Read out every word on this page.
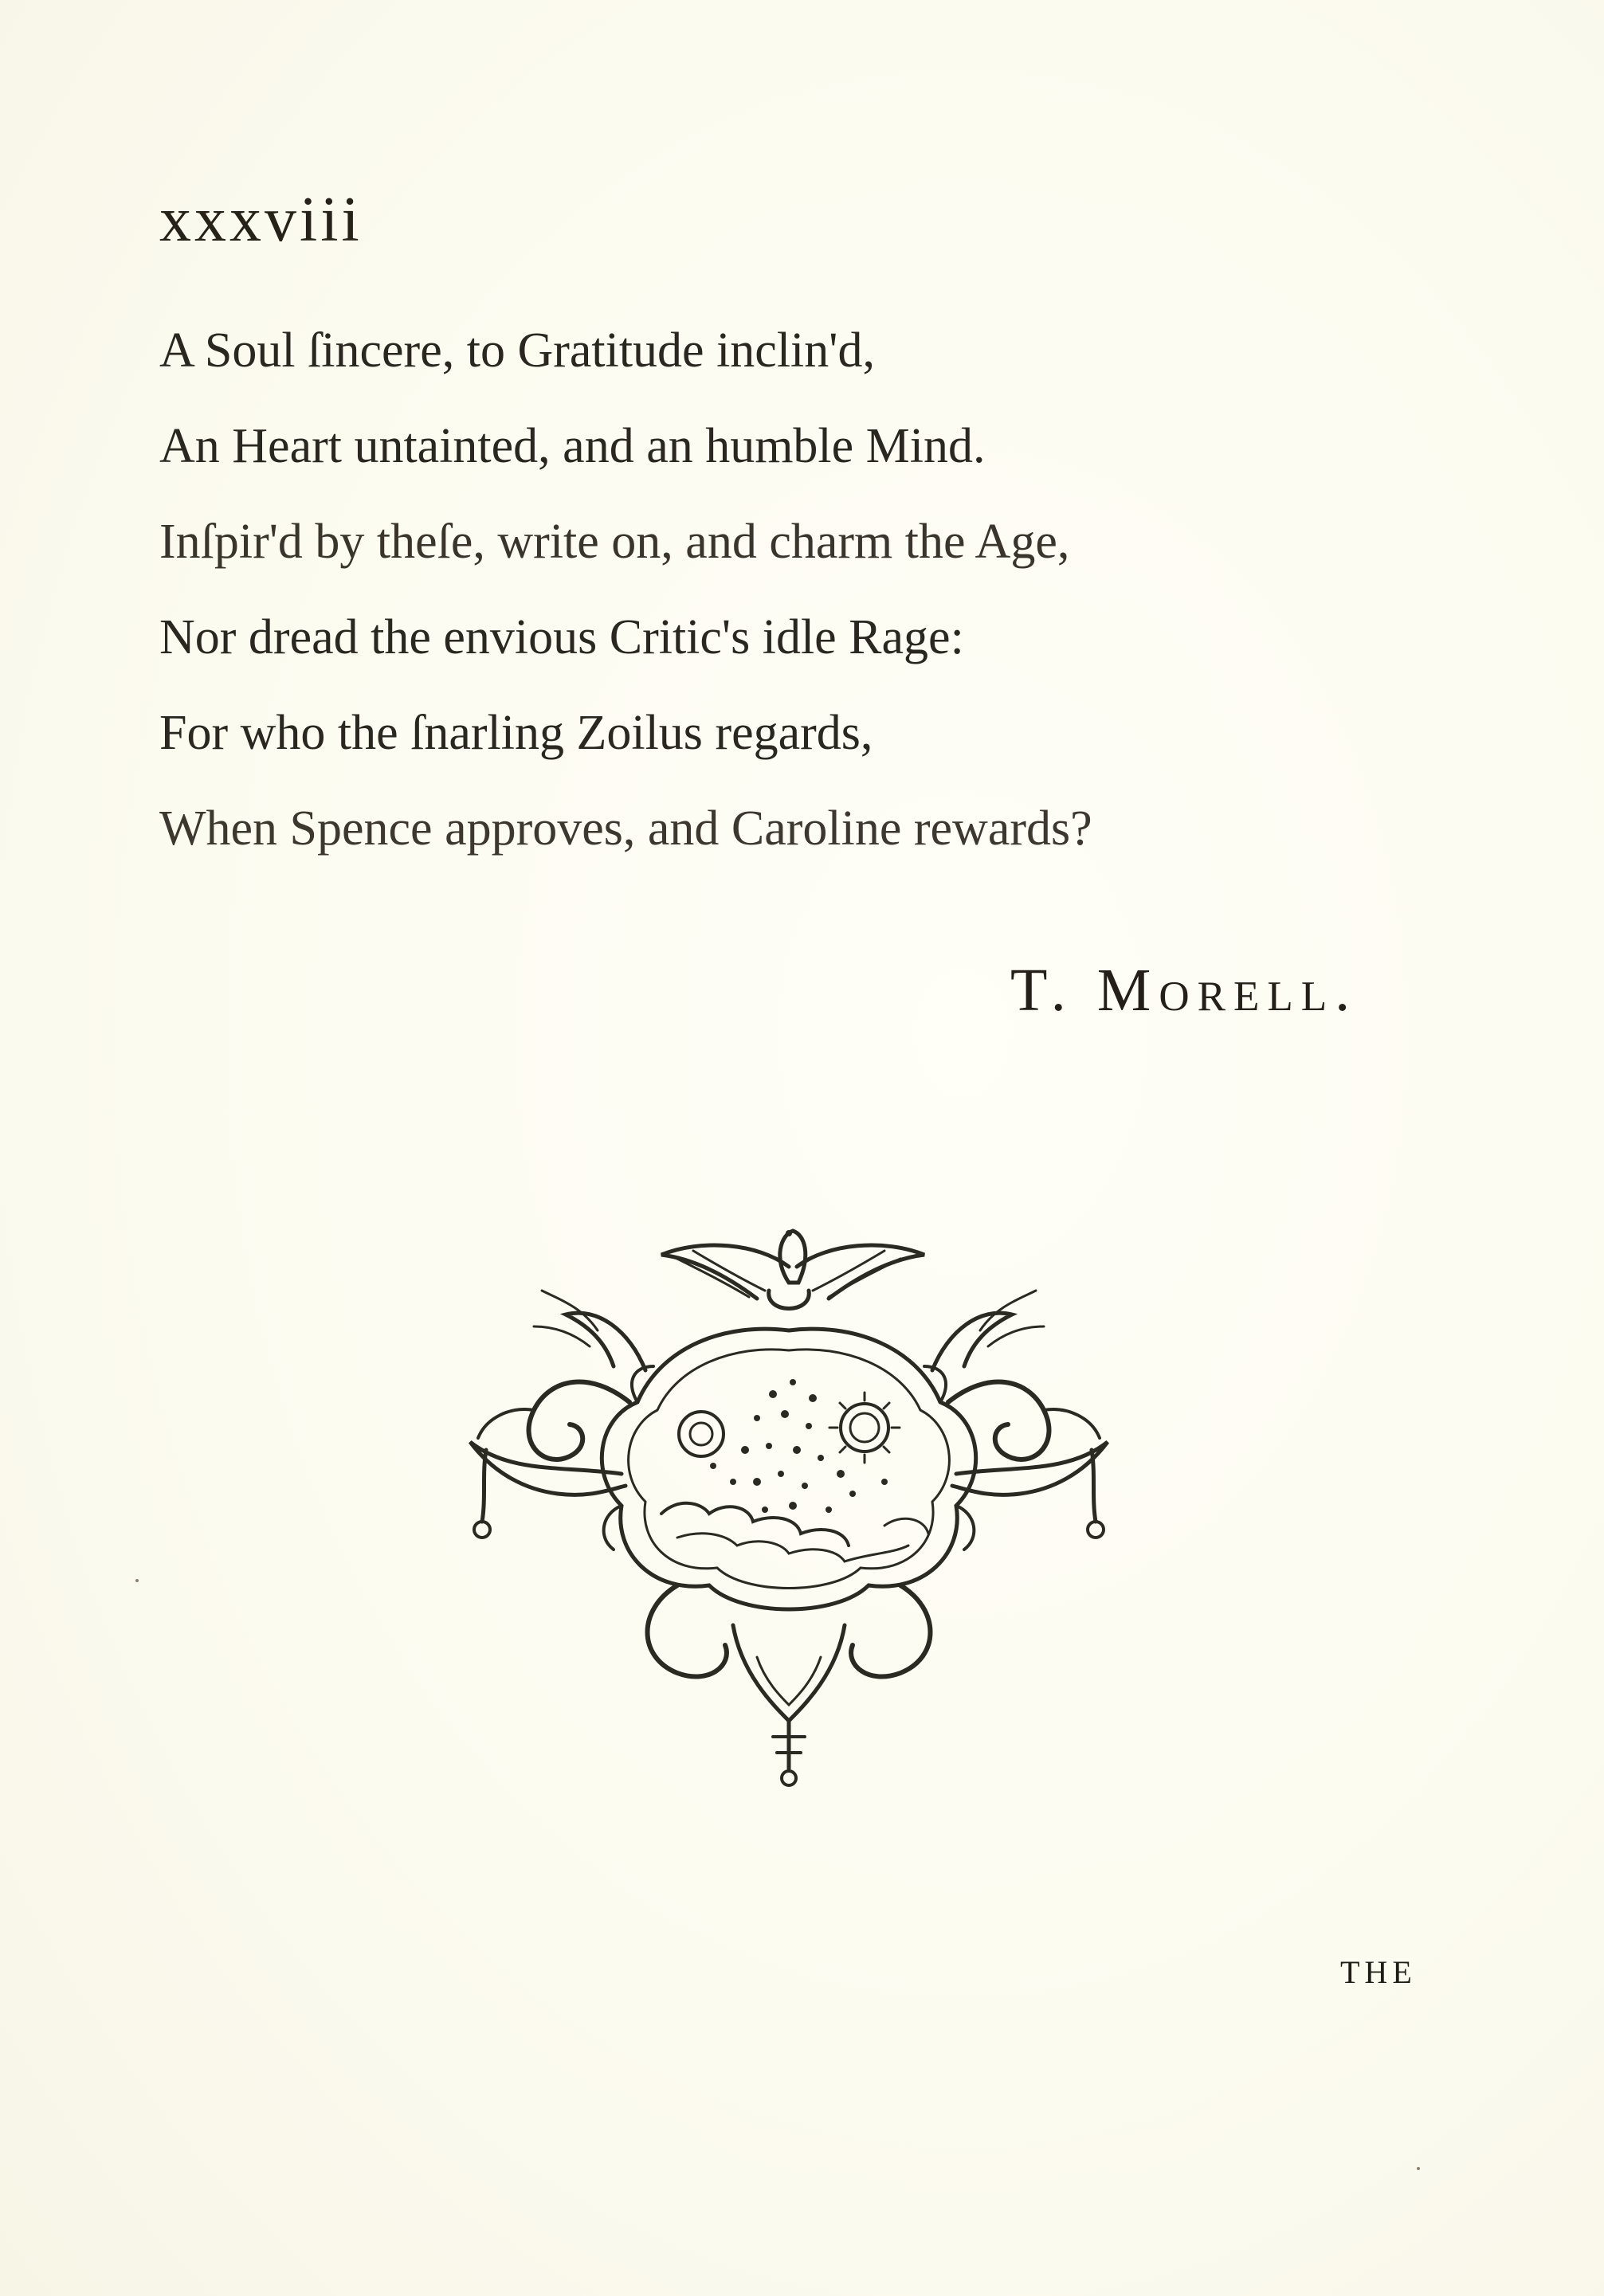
xxxviii
A Soul ſincere, to Gratitude inclin'd,
An Heart untainted, and an humble Mind.
Inſpir'd by theſe, write on, and charm the Age,
Nor dread the envious Critic's idle Rage:
For who the ſnarling Zoilus regards,
When Spence approves, and Caroline rewards?
T. Morell.
THE
